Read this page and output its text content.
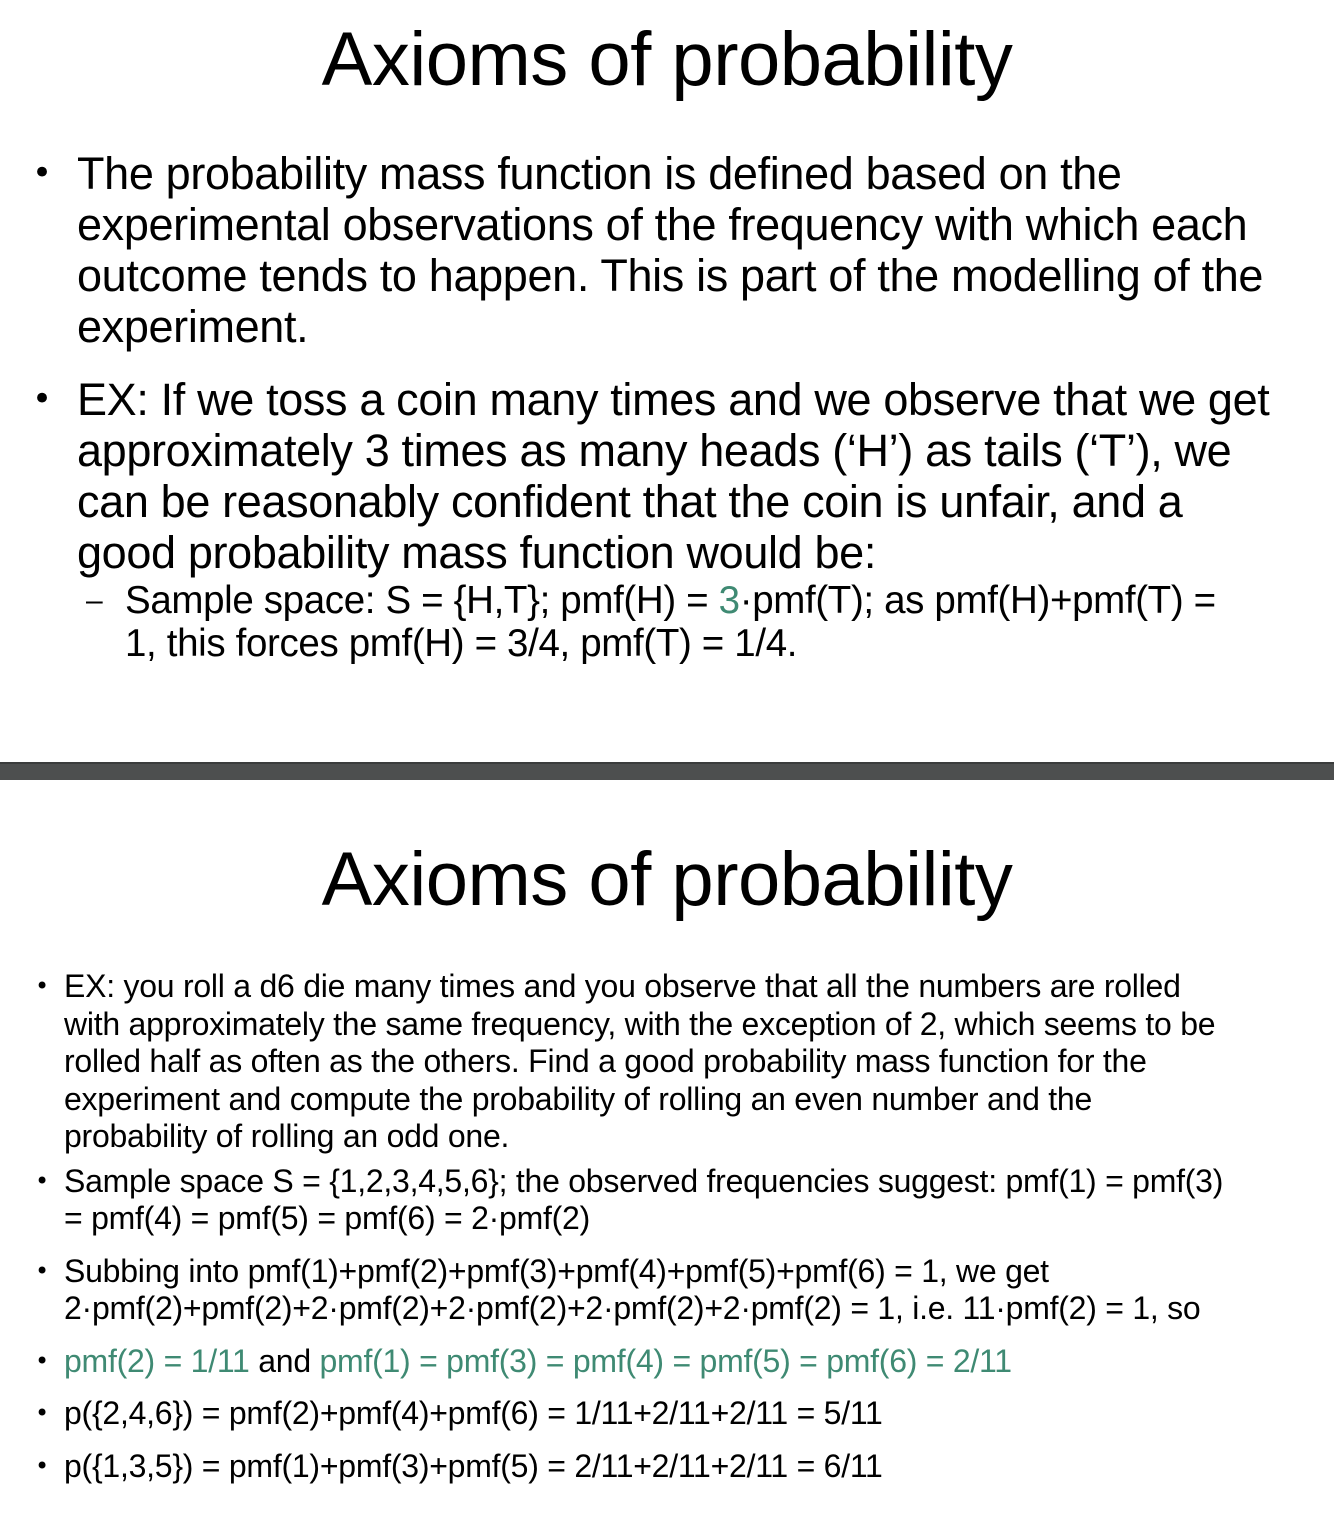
Axioms of probability
• The probability mass function is defined based on the
experimental observations of the frequency with which each
outcome tends to happen. This is part of the modelling of the
experiment.
• EX: If we toss a coin many times and we observe that we get
approximately 3 times as many heads (‘H’) as tails (‘T’), we
can be reasonably confident that the coin is unfair, and a
good probability mass function would be:
– Sample space: S = {H,T}; pmf(H) = 3·pmf(T); as pmf(H)+pmf(T) =
1, this forces pmf(H) = 3/4, pmf(T) = 1/4.
Axioms of probability
• EX: you roll a d6 die many times and you observe that all the numbers are rolled
with approximately the same frequency, with the exception of 2, which seems to be
rolled half as often as the others. Find a good probability mass function for the
experiment and compute the probability of rolling an even number and the
probability of rolling an odd one.
• Sample space S = {1,2,3,4,5,6}; the observed frequencies suggest: pmf(1) = pmf(3)
= pmf(4) = pmf(5) = pmf(6) = 2·pmf(2)
• Subbing into pmf(1)+pmf(2)+pmf(3)+pmf(4)+pmf(5)+pmf(6) = 1, we get
2·pmf(2)+pmf(2)+2·pmf(2)+2·pmf(2)+2·pmf(2)+2·pmf(2) = 1, i.e. 11·pmf(2) = 1, so
• pmf(2) = 1/11 and pmf(1) = pmf(3) = pmf(4) = pmf(5) = pmf(6) = 2/11
• p({2,4,6}) = pmf(2)+pmf(4)+pmf(6) = 1/11+2/11+2/11 = 5/11
• p({1,3,5}) = pmf(1)+pmf(3)+pmf(5) = 2/11+2/11+2/11 = 6/11
